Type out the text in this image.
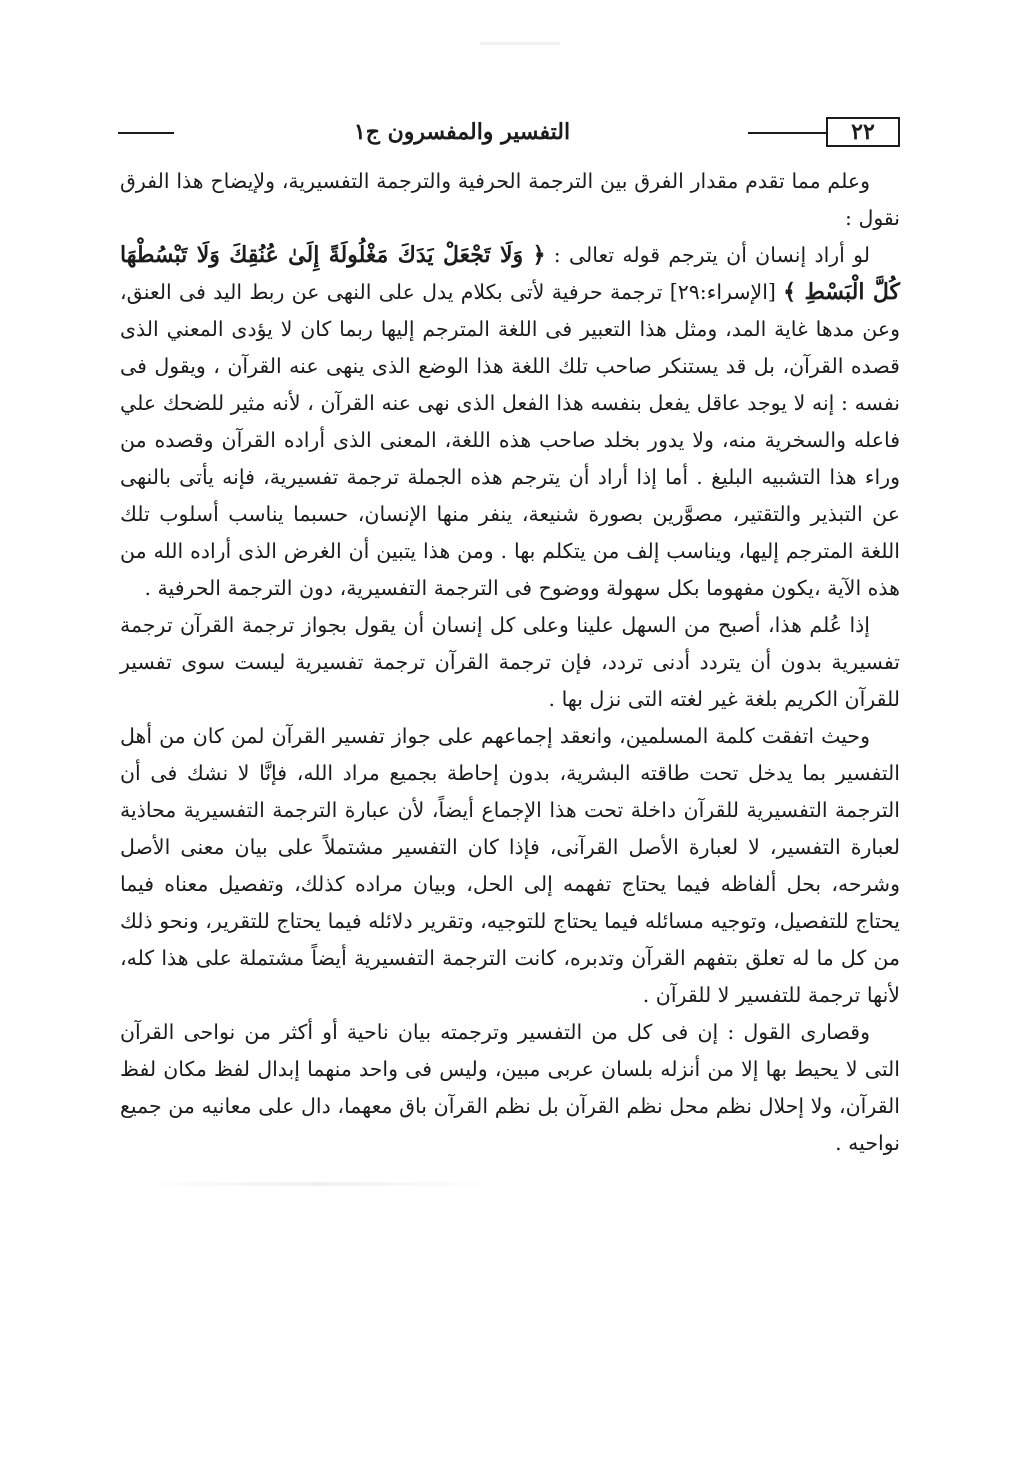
٢٢
التفسير والمفسرون ج١

وعلم مما تقدم مقدار الفرق بين الترجمة الحرفية والترجمة التفسيرية، ولإيضاح هذا الفرق نقول :

لو أراد إنسان أن يترجم قوله تعالى : ﴿ وَلَا تَجْعَلْ يَدَكَ مَغْلُولَةً إِلَىٰ عُنُقِكَ وَلَا تَبْسُطْهَا كُلَّ الْبَسْطِ ﴾ [الإسراء:٢٩] ترجمة حرفية لأتى بكلام يدل على النهى عن ربط اليد فى العنق، وعن مدها غاية المد، ومثل هذا التعبير فى اللغة المترجم إليها ربما كان لا يؤدى المعني الذى قصده القرآن، بل قد يستنكر صاحب تلك اللغة هذا الوضع الذى ينهى عنه القرآن ، ويقول فى نفسه : إنه لا يوجد عاقل يفعل بنفسه هذا الفعل الذى نهى عنه القرآن ، لأنه مثير للضحك علي فاعله والسخرية منه، ولا يدور بخلد صاحب هذه اللغة، المعنى الذى أراده القرآن وقصده من وراء هذا التشبيه البليغ . أما إذا أراد أن يترجم هذه الجملة ترجمة تفسيرية، فإنه يأتى بالنهى عن التبذير والتقتير، مصوَّرين بصورة شنيعة، ينفر منها الإنسان، حسبما يناسب أسلوب تلك اللغة المترجم إليها، ويناسب إلف من يتكلم بها . ومن هذا يتبين أن الغرض الذى أراده الله من هذه الآية ،يكون مفهوما بكل سهولة ووضوح فى الترجمة التفسيرية، دون الترجمة الحرفية .

إذا عُلم هذا، أصبح من السهل علينا وعلى كل إنسان أن يقول بجواز ترجمة القرآن ترجمة تفسيرية بدون أن يتردد أدنى تردد، فإن ترجمة القرآن ترجمة تفسيرية ليست سوى تفسير للقرآن الكريم بلغة غير لغته التى نزل بها .

وحيث اتفقت كلمة المسلمين، وانعقد إجماعهم على جواز تفسير القرآن لمن كان من أهل التفسير بما يدخل تحت طاقته البشرية، بدون إحاطة بجميع مراد الله، فإنَّا لا نشك فى أن الترجمة التفسيرية للقرآن داخلة تحت هذا الإجماع أيضاً، لأن عبارة الترجمة التفسيرية محاذية لعبارة التفسير، لا لعبارة الأصل القرآنى، فإذا كان التفسير مشتملاً على بيان معنى الأصل وشرحه، بحل ألفاظه فيما يحتاج تفهمه إلى الحل، وبيان مراده كذلك، وتفصيل معناه فيما يحتاج للتفصيل، وتوجيه مسائله فيما يحتاج للتوجيه، وتقرير دلائله فيما يحتاج للتقرير، ونحو ذلك من كل ما له تعلق بتفهم القرآن وتدبره، كانت الترجمة التفسيرية أيضاً مشتملة على هذا كله، لأنها ترجمة للتفسير لا للقرآن .

وقصارى القول : إن فى كل من التفسير وترجمته بيان ناحية أو أكثر من نواحى القرآن التى لا يحيط بها إلا من أنزله بلسان عربى مبين، وليس فى واحد منهما إبدال لفظ مكان لفظ القرآن، ولا إحلال نظم محل نظم القرآن بل نظم القرآن باق معهما، دال على معانيه من جميع نواحيه .
